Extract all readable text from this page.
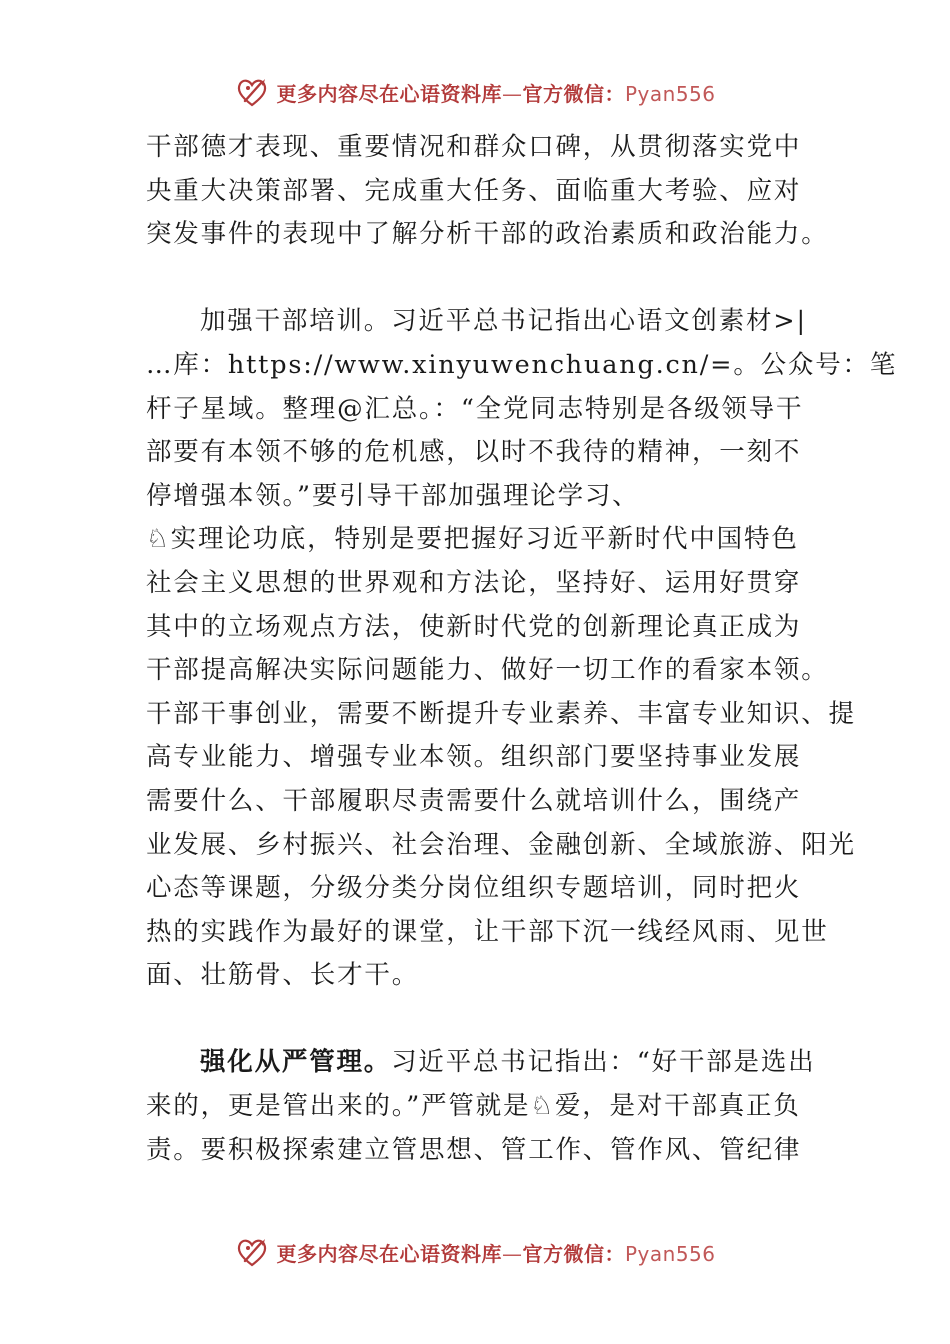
更多内容尽在心语资料库—官方微信：Pyan556
干部德才表现、重要情况和群众口碑，从贯彻落实党中
央重大决策部署、完成重大任务、面临重大考验、应对
突发事件的表现中了解分析干部的政治素质和政治能力。
加强干部培训。习近平总书记指出心语文创素材>|
…库：https://www.xinyuwenchuang.cn/=。公众号：笔
杆子星域。整理@汇总。：“全党同志特别是各级领导干
部要有本领不够的危机感，以时不我待的精神，一刻不
停增强本领。”要引导干部加强理论学习、
♘实理论功底，特别是要把握好习近平新时代中国特色
社会主义思想的世界观和方法论，坚持好、运用好贯穿
其中的立场观点方法，使新时代党的创新理论真正成为
干部提高解决实际问题能力、做好一切工作的看家本领。
干部干事创业，需要不断提升专业素养、丰富专业知识、提
高专业能力、增强专业本领。组织部门要坚持事业发展
需要什么、干部履职尽责需要什么就培训什么，围绕产
业发展、乡村振兴、社会治理、金融创新、全域旅游、阳光
心态等课题，分级分类分岗位组织专题培训，同时把火
热的实践作为最好的课堂，让干部下沉一线经风雨、见世
面、壮筋骨、长才干。
强化从严管理。习近平总书记指出：“好干部是选出
来的，更是管出来的。”严管就是♘爱，是对干部真正负
责。要积极探索建立管思想、管工作、管作风、管纪律
更多内容尽在心语资料库—官方微信：Pyan556
